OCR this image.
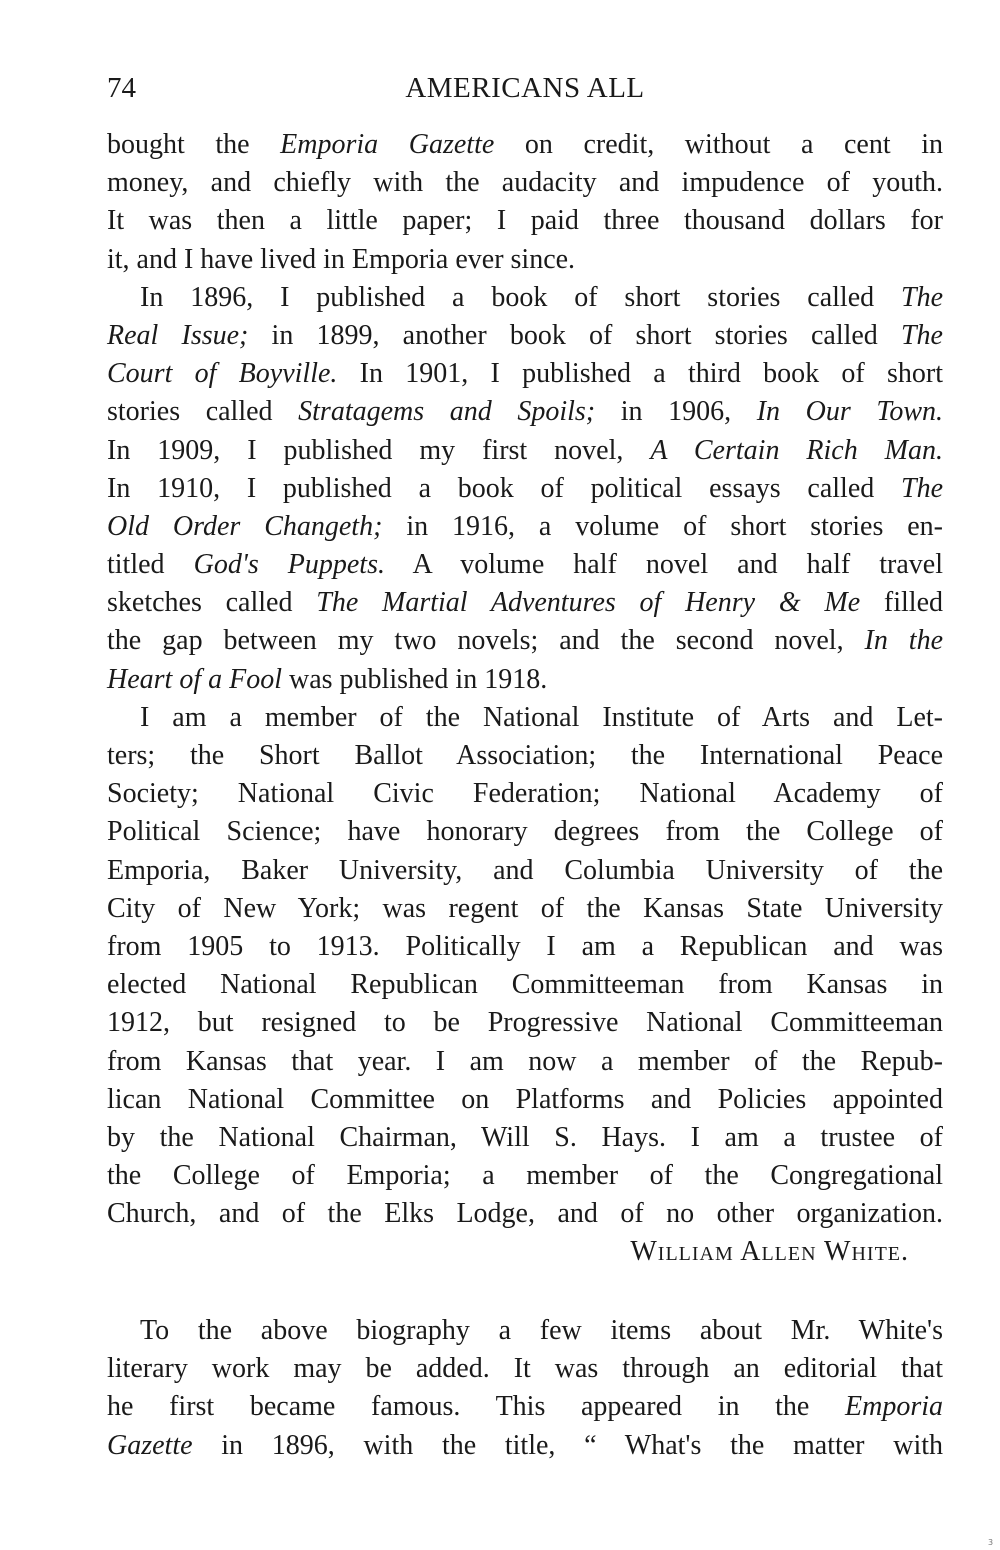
74	AMERICANS ALL
bought the Emporia Gazette on credit, without a cent in
money, and chiefly with the audacity and impudence of youth.
It was then a little paper; I paid three thousand dollars for
it, and I have lived in Emporia ever since.
In 1896, I published a book of short stories called The
Real Issue; in 1899, another book of short stories called The
Court of Boyville. In 1901, I published a third book of short
stories called Stratagems and Spoils; in 1906, In Our Town.
In 1909, I published my first novel, A Certain Rich Man.
In 1910, I published a book of political essays called The
Old Order Changeth; in 1916, a volume of short stories en-
titled God's Puppets. A volume half novel and half travel
sketches called The Martial Adventures of Henry & Me filled
the gap between my two novels; and the second novel, In the
Heart of a Fool was published in 1918.
I am a member of the National Institute of Arts and Let-
ters; the Short Ballot Association; the International Peace
Society; National Civic Federation; National Academy of
Political Science; have honorary degrees from the College of
Emporia, Baker University, and Columbia University of the
City of New York; was regent of the Kansas State University
from 1905 to 1913. Politically I am a Republican and was
elected National Republican Committeeman from Kansas in
1912, but resigned to be Progressive National Committeeman
from Kansas that year. I am now a member of the Repub-
lican National Committee on Platforms and Policies appointed
by the National Chairman, Will S. Hays. I am a trustee of
the College of Emporia; a member of the Congregational
Church, and of the Elks Lodge, and of no other organization.
William Allen White.
To the above biography a few items about Mr. White's
literary work may be added. It was through an editorial that
he first became famous. This appeared in the Emporia
Gazette in 1896, with the title, “ What's the matter with
3
